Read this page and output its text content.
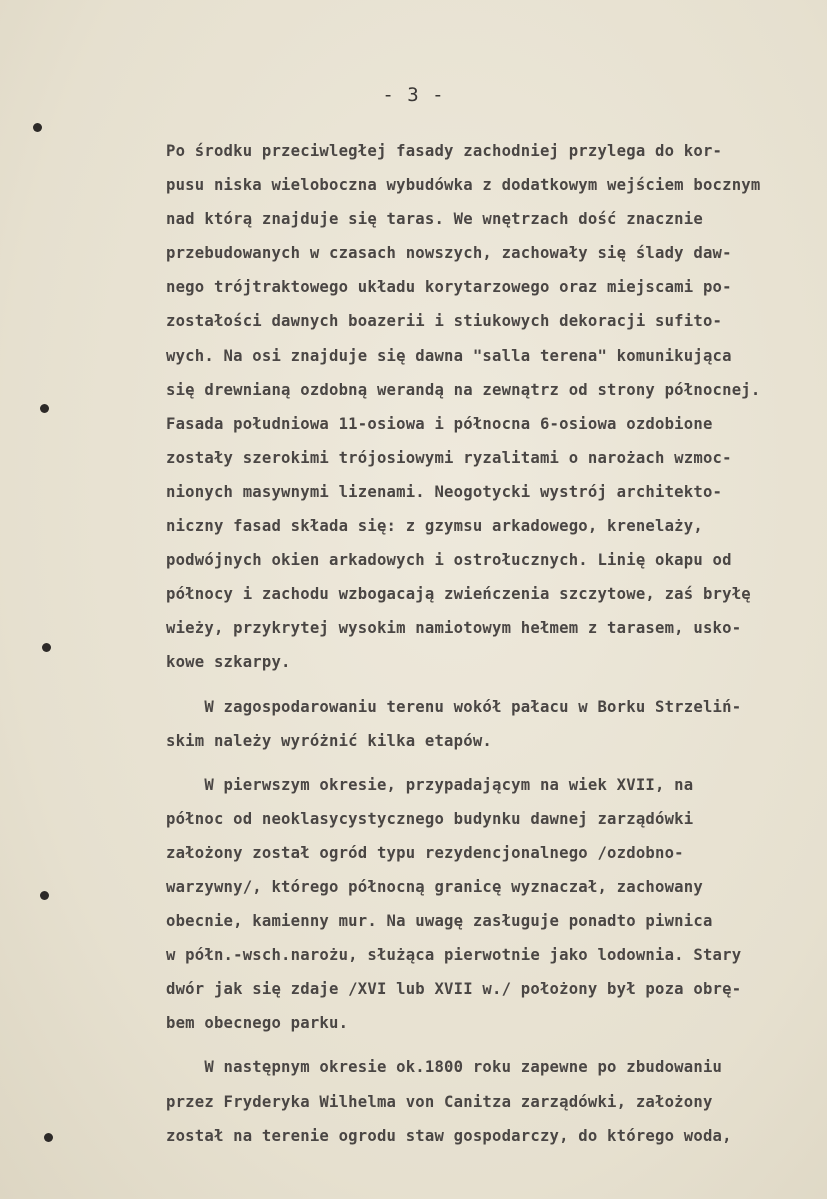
- 3 -
Po środku przeciwległej fasady zachodniej przylega do kor-
pusu niska wieloboczna wybudówka z dodatkowym wejściem bocznym
nad którą znajduje się taras. We wnętrzach dość znacznie
przebudowanych w czasach nowszych, zachowały się ślady daw-
nego trójtraktowego układu korytarzowego oraz miejscami po-
zostałości dawnych boazerii i stiukowych dekoracji sufito-
wych. Na osi znajduje się dawna "salla terena" komunikująca
się drewnianą ozdobną werandą na zewnątrz od strony północnej.
Fasada południowa 11-osiowa i północna 6-osiowa ozdobione
zostały szerokimi trójosiowymi ryzalitami o narożach wzmoc-
nionych masywnymi lizenami. Neogotycki wystrój architekto-
niczny fasad składa się: z gzymsu arkadowego, krenelaży,
podwójnych okien arkadowych i ostrołucznych. Linię okapu od
północy i zachodu wzbogacają zwieńczenia szczytowe, zaś bryłę
wieży, przykrytej wysokim namiotowym hełmem z tarasem, usko-
kowe szkarpy.
W zagospodarowaniu terenu wokół pałacu w Borku Strzeliń-
skim należy wyróżnić kilka etapów.
W pierwszym okresie, przypadającym na wiek XVII, na
północ od neoklasycystycznego budynku dawnej zarządówki
założony został ogród typu rezydencjonalnego /ozdobno-
warzywny/, którego północną granicę wyznaczał, zachowany
obecnie, kamienny mur. Na uwagę zasługuje ponadto piwnica
w półn.-wsch.narożu, służąca pierwotnie jako lodownia. Stary
dwór jak się zdaje /XVI lub XVII w./ położony był poza obrę-
bem obecnego parku.
W następnym okresie ok.1800 roku zapewne po zbudowaniu
przez Fryderyka Wilhelma von Canitza zarządówki, założony
został na terenie ogrodu staw gospodarczy, do którego woda,
